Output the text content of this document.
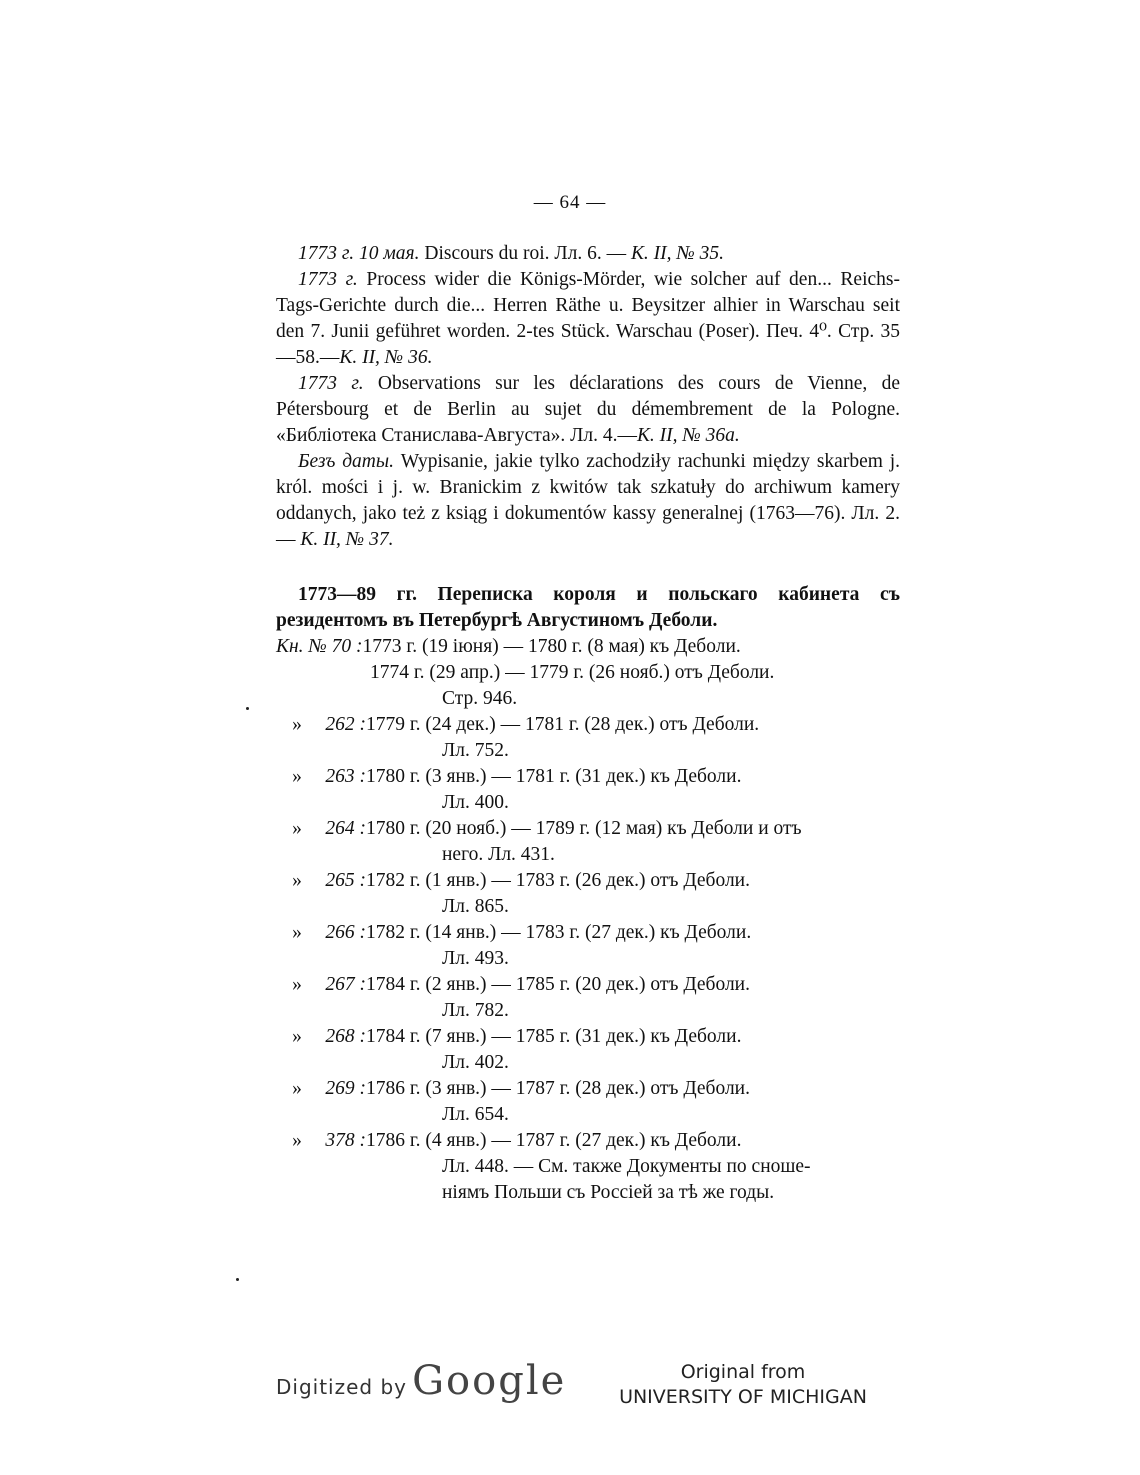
— 64 —

1773 г. 10 мая. Discours du roi. Лл. 6. — К. II, № 35.

1773 г. Process wider die Königs-Mörder, wie solcher auf den... Reichs-Tags-Gerichte durch die... Herren Räthe u. Beysitzer alhier in Warschau seit den 7. Junii geführet worden. 2-tes Stück. Warschau (Poser). Печ. 4⁰. Стр. 35—58.—К. II, № 36.

1773 г. Observations sur les déclarations des cours de Vienne, de Pétersbourg et de Berlin au sujet du démembrement de la Pologne. «Библіотека Станислава-Августа». Лл. 4.—К. II, № 36a.

Безъ даты. Wypisanie, jakie tylko zachodziły rachunki między skarbem j. król. mości i j. w. Branickim z kwitów tak szkatuły do archiwum kamery oddanych, jako też z ksiąg i dokumentów kassy generalnej (1763—76). Лл. 2. — К. II, № 37.

1773—89 гг. Переписка короля и польскаго кабинета съ резидентомъ въ Петербургѣ Августиномъ Деболи.

Кн. № 70 :1773 г. (19 іюня) — 1780 г. (8 мая) къ Деболи.
1774 г. (29 апр.) — 1779 г. (26 нояб.) отъ Деболи.
Стр. 946.
» 262 :1779 г. (24 дек.) — 1781 г. (28 дек.) отъ Деболи.
Лл. 752.
» 263 :1780 г. (3 янв.) — 1781 г. (31 дек.) къ Деболи.
Лл. 400.
» 264 :1780 г. (20 нояб.) — 1789 г. (12 мая) къ Деболи и отъ
него. Лл. 431.
» 265 :1782 г. (1 янв.) — 1783 г. (26 дек.) отъ Деболи.
Лл. 865.
» 266 :1782 г. (14 янв.) — 1783 г. (27 дек.) къ Деболи.
Лл. 493.
» 267 :1784 г. (2 янв.) — 1785 г. (20 дек.) отъ Деболи.
Лл. 782.
» 268 :1784 г. (7 янв.) — 1785 г. (31 дек.) къ Деболи.
Лл. 402.
» 269 :1786 г. (3 янв.) — 1787 г. (28 дек.) отъ Деболи.
Лл. 654.
» 378 :1786 г. (4 янв.) — 1787 г. (27 дек.) къ Деболи.
Лл. 448. — См. также Документы по сноше-
ніямъ Польши съ Россіей за тѣ же годы.
Digitized by Google	Original from
UNIVERSITY OF MICHIGAN
